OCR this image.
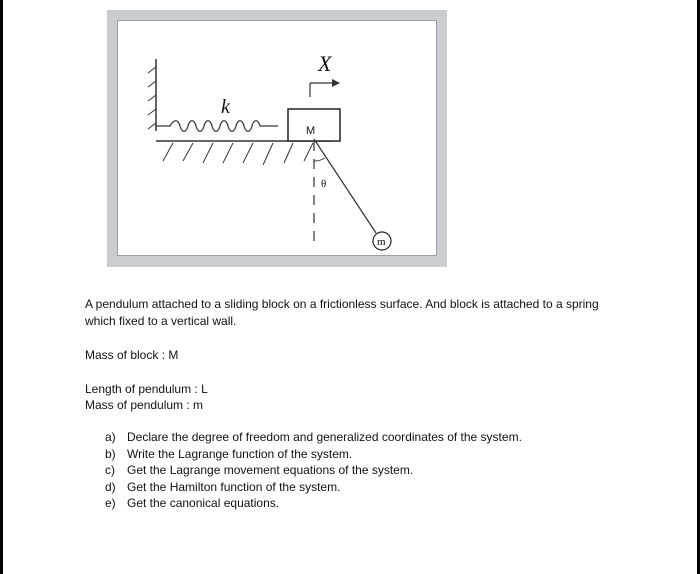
X
k
M
θ
m
A pendulum attached to a sliding block on a frictionless surface. And block is attached to a spring which fixed to a vertical wall.
Mass of block : M
Length of pendulum : L
Mass of pendulum : m
a) Declare the degree of freedom and generalized coordinates of the system.
b) Write the Lagrange function of the system.
c)	Get the Lagrange movement equations of the system.
d) Get the Hamilton function of the system.
e) Get the canonical equations.
